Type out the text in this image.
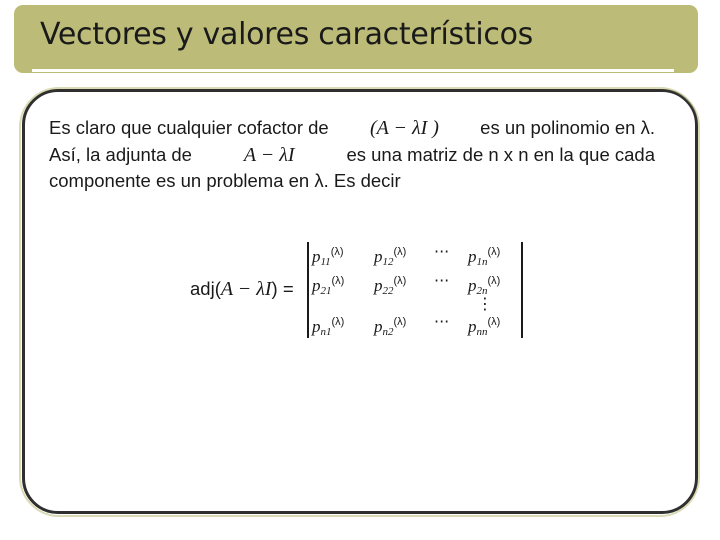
Vectores y valores característicos
Es claro que cualquier cofactor de (A − λI ) es un polinomio en λ.
Así, la adjunta de	A − λI	es una matriz de n x n en la que cada
componente es un problema en λ. Es decir
adj(A − λI) =
$p_{11}^{(\lambda)}$ $p_{12}^{(\lambda)}$ ··· $p_{1n}^{(\lambda)}$
$p_{21}^{(\lambda)}$ $p_{22}^{(\lambda)}$ ··· $p_{2n}^{(\lambda)}$
⋮
$p_{n1}^{(\lambda)}$ $p_{n2}^{(\lambda)}$ ··· $p_{nn}^{(\lambda)}$
